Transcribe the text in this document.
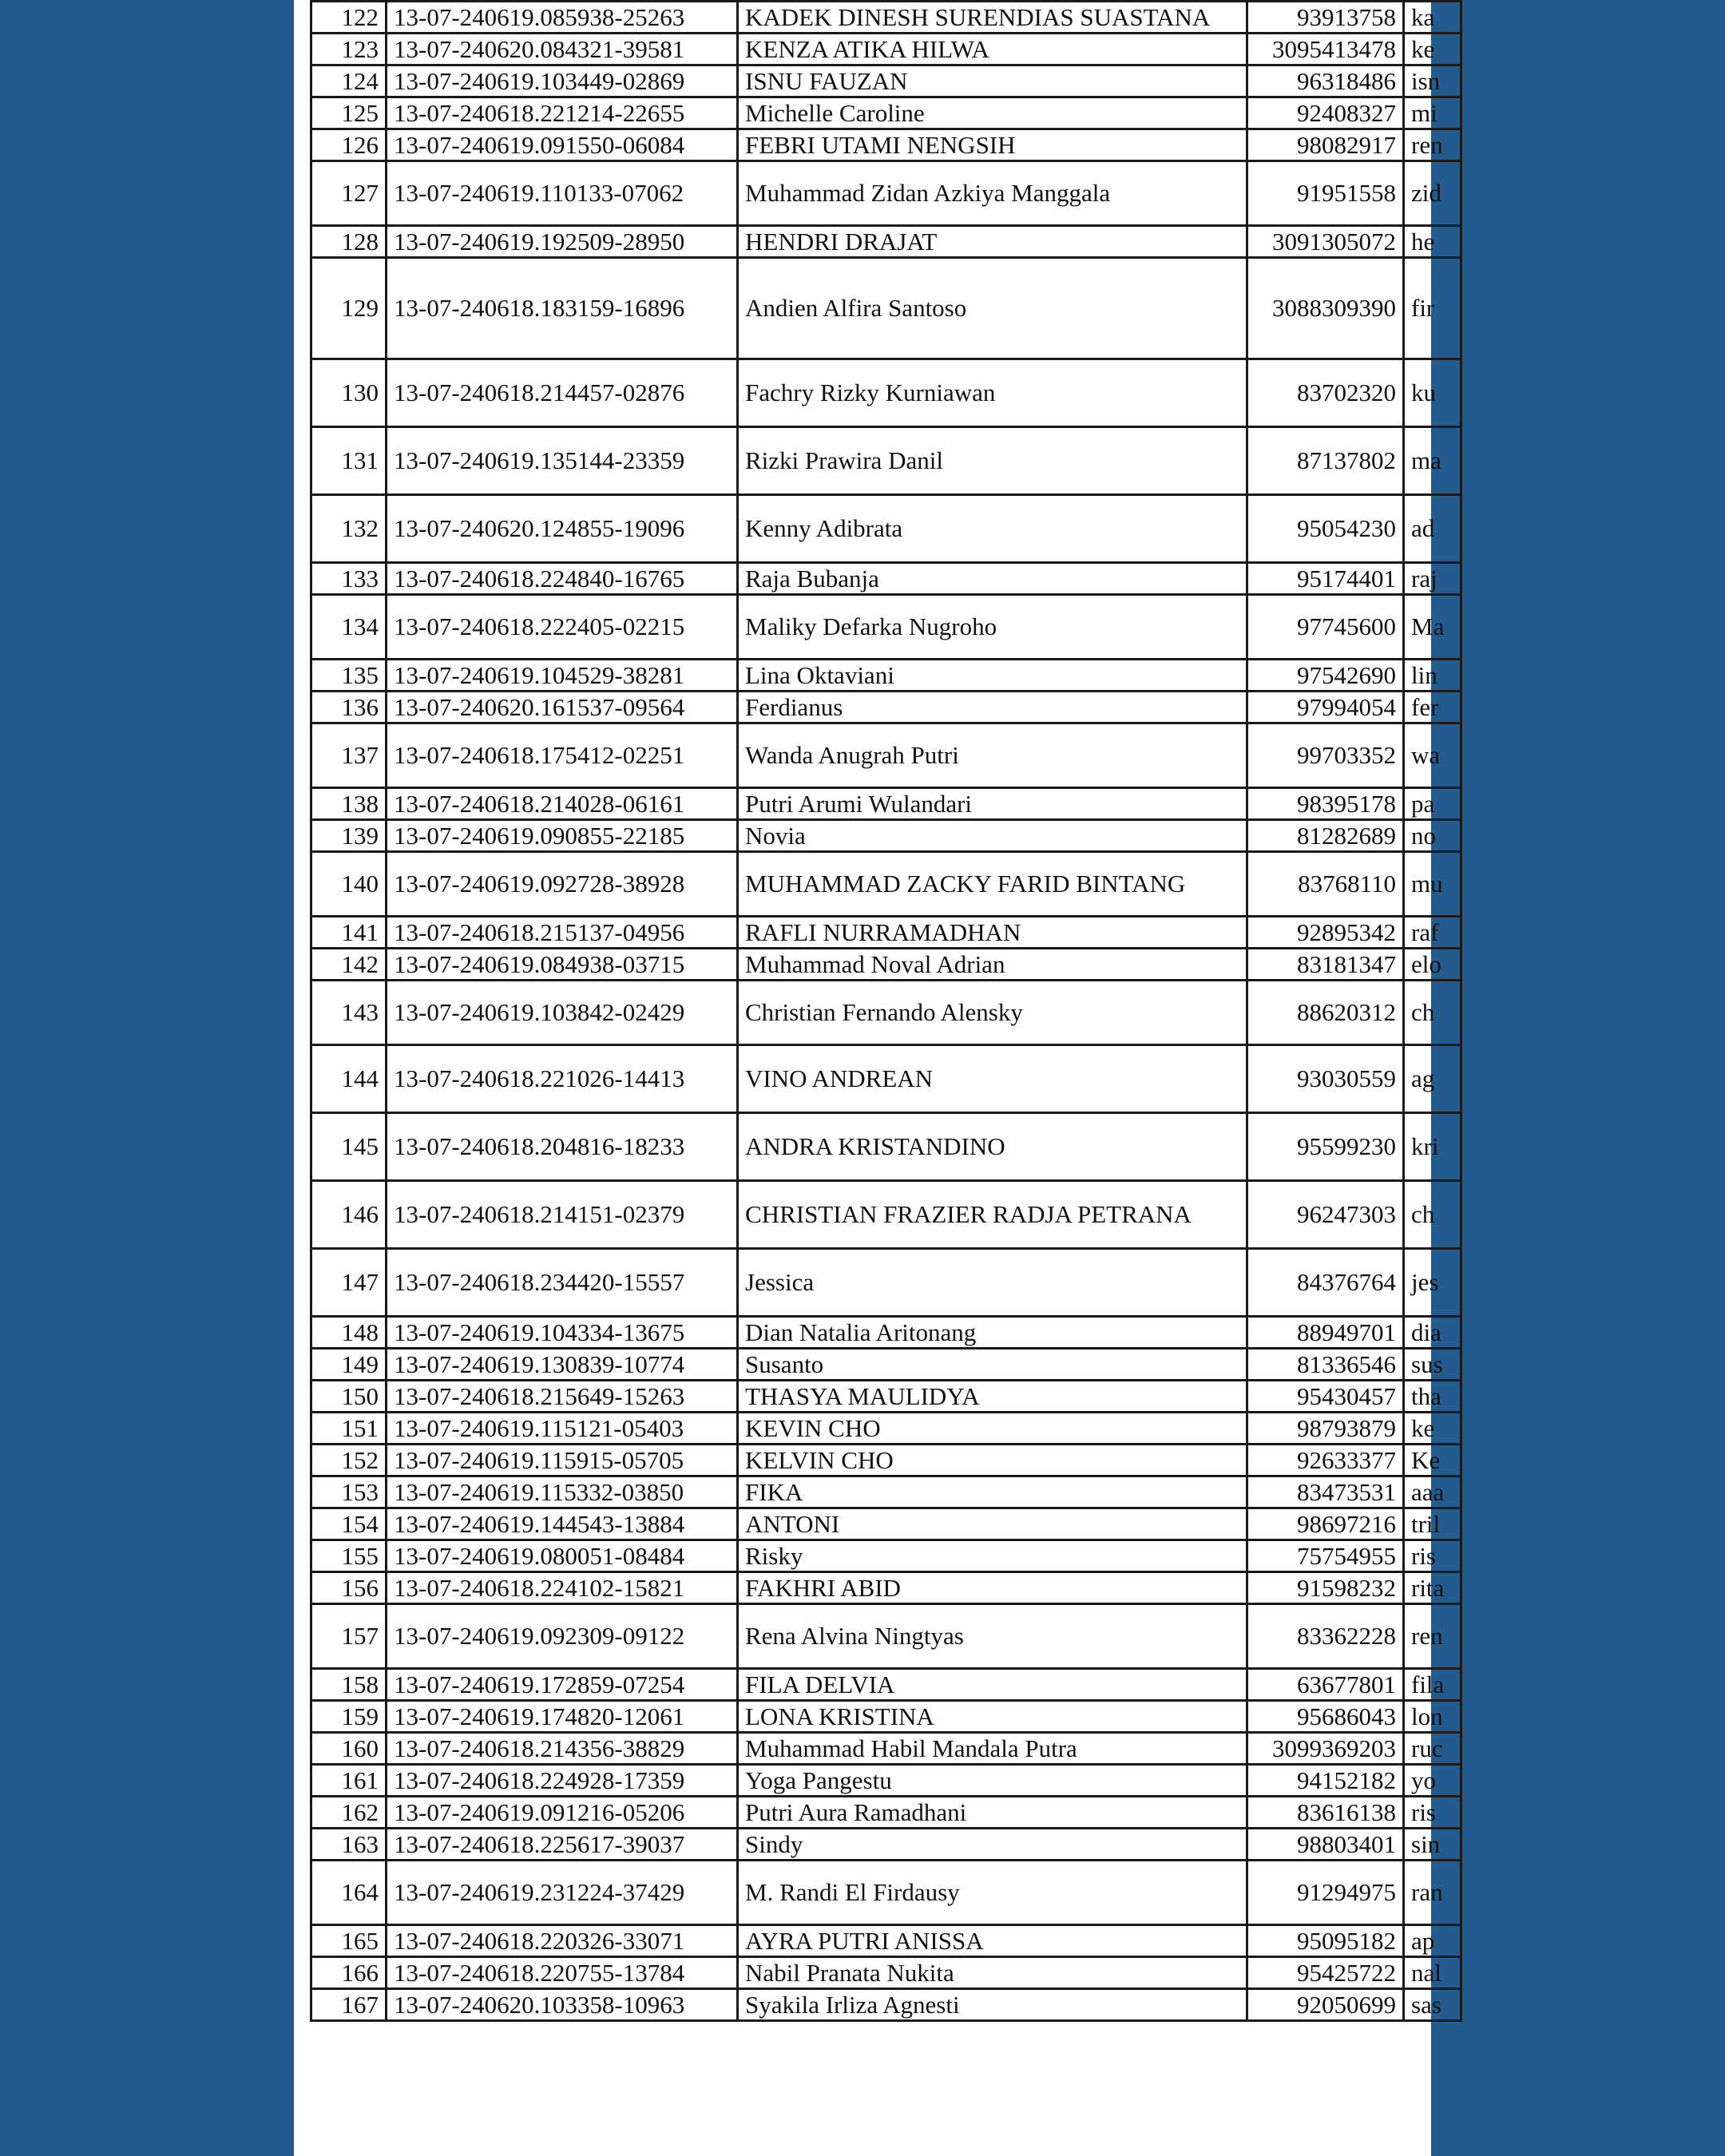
122	13-07-240619.085938-25263	KADEK DINESH SURENDIAS SUASTANA	93913758	ka
123	13-07-240620.084321-39581	KENZA ATIKA HILWA	3095413478	ke
124	13-07-240619.103449-02869	ISNU FAUZAN	96318486	isn
125	13-07-240618.221214-22655	Michelle Caroline	92408327	mi
126	13-07-240619.091550-06084	FEBRI UTAMI NENGSIH	98082917	ren
127	13-07-240619.110133-07062	Muhammad Zidan Azkiya Manggala	91951558	zid
128	13-07-240619.192509-28950	HENDRI DRAJAT	3091305072	he
129	13-07-240618.183159-16896	Andien Alfira Santoso	3088309390	fir
130	13-07-240618.214457-02876	Fachry Rizky Kurniawan	83702320	ku
131	13-07-240619.135144-23359	Rizki Prawira Danil	87137802	ma
132	13-07-240620.124855-19096	Kenny Adibrata	95054230	ad
133	13-07-240618.224840-16765	Raja Bubanja	95174401	raj
134	13-07-240618.222405-02215	Maliky Defarka Nugroho	97745600	Ma
135	13-07-240619.104529-38281	Lina Oktaviani	97542690	lin
136	13-07-240620.161537-09564	Ferdianus	97994054	fer
137	13-07-240618.175412-02251	Wanda Anugrah Putri	99703352	wa
138	13-07-240618.214028-06161	Putri Arumi Wulandari	98395178	pa
139	13-07-240619.090855-22185	Novia	81282689	no
140	13-07-240619.092728-38928	MUHAMMAD ZACKY FARID BINTANG	83768110	mu
141	13-07-240618.215137-04956	RAFLI NURRAMADHAN	92895342	raf
142	13-07-240619.084938-03715	Muhammad Noval Adrian	83181347	elo
143	13-07-240619.103842-02429	Christian Fernando Alensky	88620312	ch
144	13-07-240618.221026-14413	VINO ANDREAN	93030559	ag
145	13-07-240618.204816-18233	ANDRA KRISTANDINO	95599230	kri
146	13-07-240618.214151-02379	CHRISTIAN FRAZIER RADJA PETRANA	96247303	ch
147	13-07-240618.234420-15557	Jessica	84376764	jes
148	13-07-240619.104334-13675	Dian Natalia Aritonang	88949701	dia
149	13-07-240619.130839-10774	Susanto	81336546	sus
150	13-07-240618.215649-15263	THASYA MAULIDYA	95430457	tha
151	13-07-240619.115121-05403	KEVIN CHO	98793879	ke
152	13-07-240619.115915-05705	KELVIN CHO	92633377	Ke
153	13-07-240619.115332-03850	FIKA	83473531	aaa
154	13-07-240619.144543-13884	ANTONI	98697216	tril
155	13-07-240619.080051-08484	Risky	75754955	ris
156	13-07-240618.224102-15821	FAKHRI ABID	91598232	rita
157	13-07-240619.092309-09122	Rena Alvina Ningtyas	83362228	ren
158	13-07-240619.172859-07254	FILA DELVIA	63677801	fila
159	13-07-240619.174820-12061	LONA KRISTINA	95686043	lon
160	13-07-240618.214356-38829	Muhammad Habil Mandala Putra	3099369203	ruc
161	13-07-240618.224928-17359	Yoga Pangestu	94152182	yo
162	13-07-240619.091216-05206	Putri Aura Ramadhani	83616138	ris
163	13-07-240618.225617-39037	Sindy	98803401	sin
164	13-07-240619.231224-37429	M. Randi El Firdausy	91294975	ran
165	13-07-240618.220326-33071	AYRA PUTRI ANISSA	95095182	ap
166	13-07-240618.220755-13784	Nabil Pranata Nukita	95425722	nal
167	13-07-240620.103358-10963	Syakila Irliza Agnesti	92050699	sas
